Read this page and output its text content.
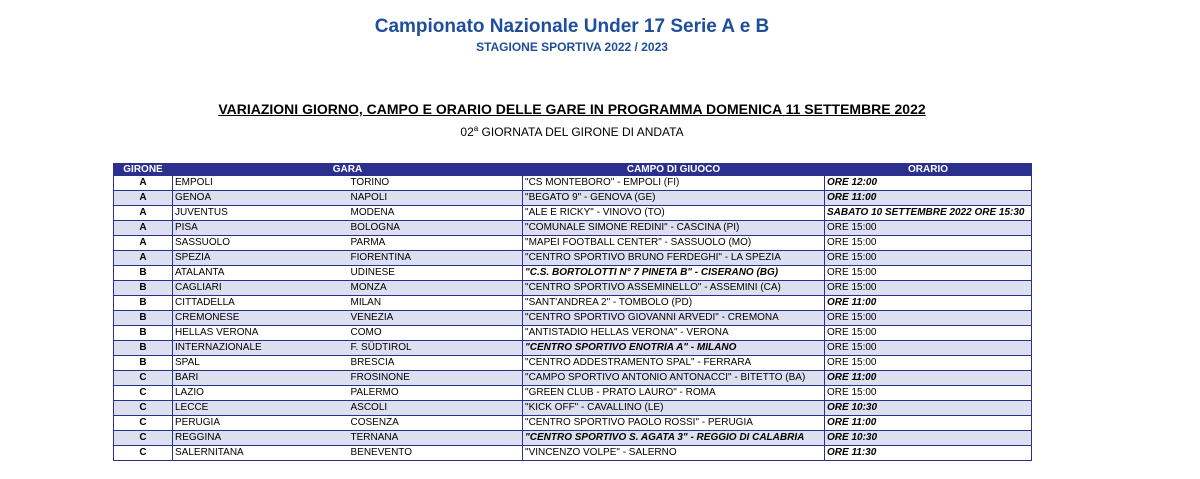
Campionato Nazionale Under 17 Serie A e B
STAGIONE SPORTIVA 2022 / 2023
VARIAZIONI GIORNO, CAMPO E ORARIO DELLE GARE IN PROGRAMMA DOMENICA 11 SETTEMBRE 2022
02$^a$ GIORNATA DEL GIRONE DI ANDATA
GIRONE	GARA		CAMPO DI GIUOCO	ORARIO
A	EMPOLI	TORINO	"CS MONTEBORO" - EMPOLI (FI)	ORE 12:00
A	GENOA	NAPOLI	"BEGATO 9" - GENOVA (GE)	ORE 11:00
A	JUVENTUS	MODENA	"ALE E RICKY" - VINOVO (TO)	SABATO 10 SETTEMBRE 2022 ORE 15:30
A	PISA	BOLOGNA	"COMUNALE SIMONE REDINI" - CASCINA (PI)	ORE 15:00
A	SASSUOLO	PARMA	"MAPEI FOOTBALL CENTER" - SASSUOLO (MO)	ORE 15:00
A	SPEZIA	FIORENTINA	"CENTRO SPORTIVO BRUNO FERDEGHI" - LA SPEZIA	ORE 15:00
B	ATALANTA	UDINESE	"C.S. BORTOLOTTI N° 7 PINETA B" - CISERANO (BG)	ORE 15:00
B	CAGLIARI	MONZA	"CENTRO SPORTIVO ASSEMINELLO" - ASSEMINI (CA)	ORE 15:00
B	CITTADELLA	MILAN	"SANT'ANDREA 2" - TOMBOLO (PD)	ORE 11:00
B	CREMONESE	VENEZIA	"CENTRO SPORTIVO GIOVANNI ARVEDI" - CREMONA	ORE 15:00
B	HELLAS VERONA	COMO	"ANTISTADIO HELLAS VERONA" - VERONA	ORE 15:00
B	INTERNAZIONALE	F. SÜDTIROL	"CENTRO SPORTIVO ENOTRIA A" - MILANO	ORE 15:00
B	SPAL	BRESCIA	"CENTRO ADDESTRAMENTO SPAL" - FERRARA	ORE 15:00
C	BARI	FROSINONE	"CAMPO SPORTIVO ANTONIO ANTONACCI" - BITETTO (BA)	ORE 11:00
C	LAZIO	PALERMO	"GREEN CLUB - PRATO LAURO" - ROMA	ORE 15:00
C	LECCE	ASCOLI	"KICK OFF" - CAVALLINO (LE)	ORE 10:30
C	PERUGIA	COSENZA	"CENTRO SPORTIVO PAOLO ROSSI" - PERUGIA	ORE 11:00
C	REGGINA	TERNANA	"CENTRO SPORTIVO S. AGATA 3" - REGGIO DI CALABRIA	ORE 10:30
C	SALERNITANA	BENEVENTO	"VINCENZO VOLPE" - SALERNO	ORE 11:30
